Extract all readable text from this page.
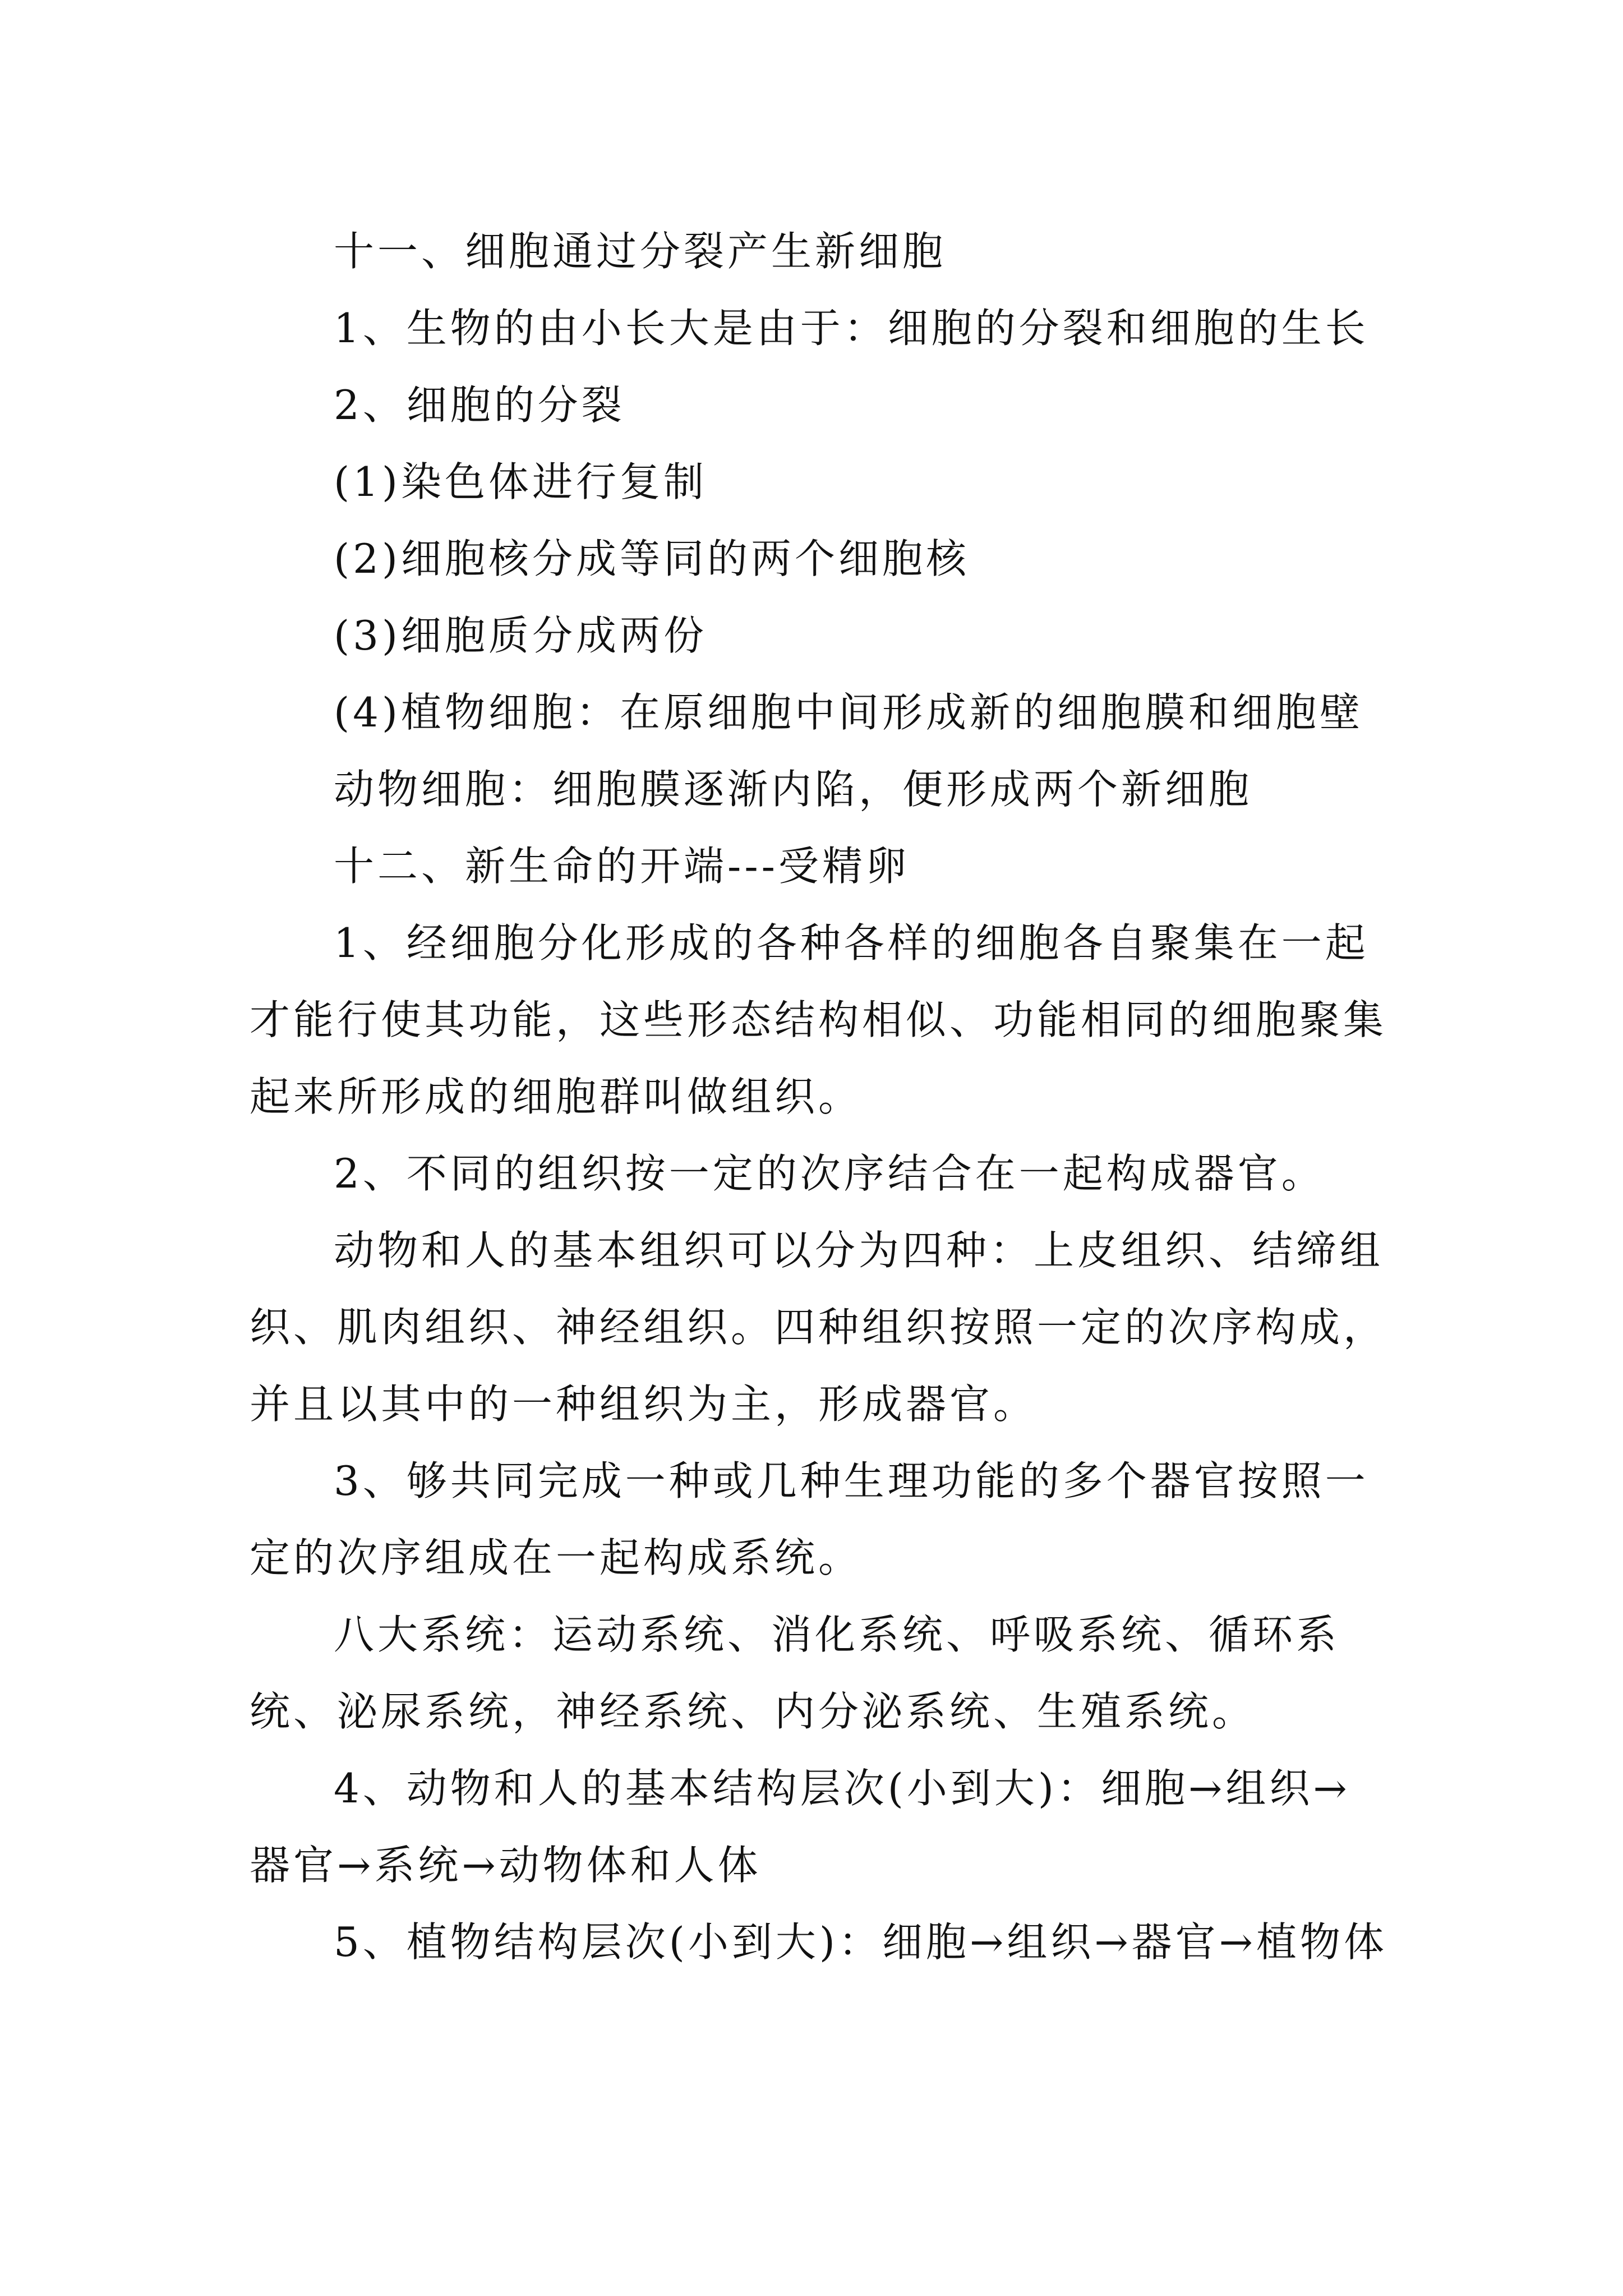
十一、细胞通过分裂产生新细胞

1、生物的由小长大是由于：细胞的分裂和细胞的生长

2、细胞的分裂

(1)染色体进行复制

(2)细胞核分成等同的两个细胞核

(3)细胞质分成两份

(4)植物细胞：在原细胞中间形成新的细胞膜和细胞壁

动物细胞：细胞膜逐渐内陷，便形成两个新细胞

十二、新生命的开端---受精卵

1、经细胞分化形成的各种各样的细胞各自聚集在一起才能行使其功能，这些形态结构相似、功能相同的细胞聚集起来所形成的细胞群叫做组织。

2、不同的组织按一定的次序结合在一起构成器官。

动物和人的基本组织可以分为四种：上皮组织、结缔组织、肌肉组织、神经组织。四种组织按照一定的次序构成，并且以其中的一种组织为主，形成器官。

3、够共同完成一种或几种生理功能的多个器官按照一定的次序组成在一起构成系统。

八大系统：运动系统、消化系统、呼吸系统、循环系统、泌尿系统，神经系统、内分泌系统、生殖系统。

4、动物和人的基本结构层次(小到大)：细胞→组织→器官→系统→动物体和人体

5、植物结构层次(小到大)：细胞→组织→器官→植物体
